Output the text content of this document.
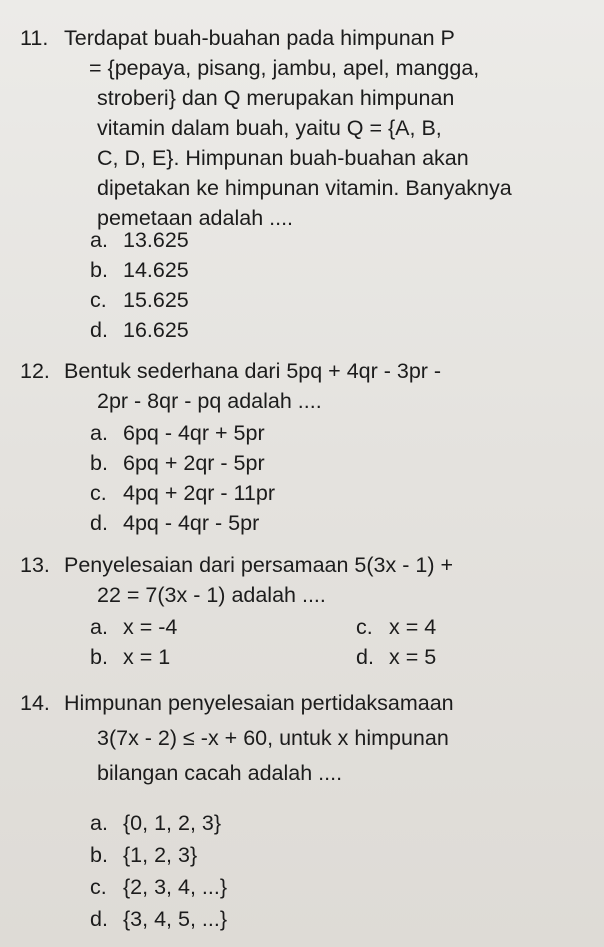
11. Terdapat buah-buahan pada himpunan P
= {pepaya, pisang, jambu, apel, mangga,
stroberi} dan Q merupakan himpunan
vitamin dalam buah, yaitu Q = {A, B,
C, D, E}. Himpunan buah-buahan akan
dipetakan ke himpunan vitamin. Banyaknya
pemetaan adalah ....
a. 13.625
b. 14.625
c. 15.625
d. 16.625
12. Bentuk sederhana dari 5pq + 4qr - 3pr -
2pr - 8qr - pq adalah ....
a. 6pq - 4qr + 5pr
b. 6pq + 2qr - 5pr
c. 4pq + 2qr - 11pr
d. 4pq - 4qr - 5pr
13. Penyelesaian dari persamaan 5(3x - 1) +
22 = 7(3x - 1) adalah ....
a. x = -4	c. x = 4
b. x = 1	d. x = 5
14. Himpunan penyelesaian pertidaksamaan
3(7x - 2) ≤ -x + 60, untuk x himpunan
bilangan cacah adalah ....
a. {0, 1, 2, 3}
b. {1, 2, 3}
c. {2, 3, 4, ...}
d. {3, 4, 5, ...}
